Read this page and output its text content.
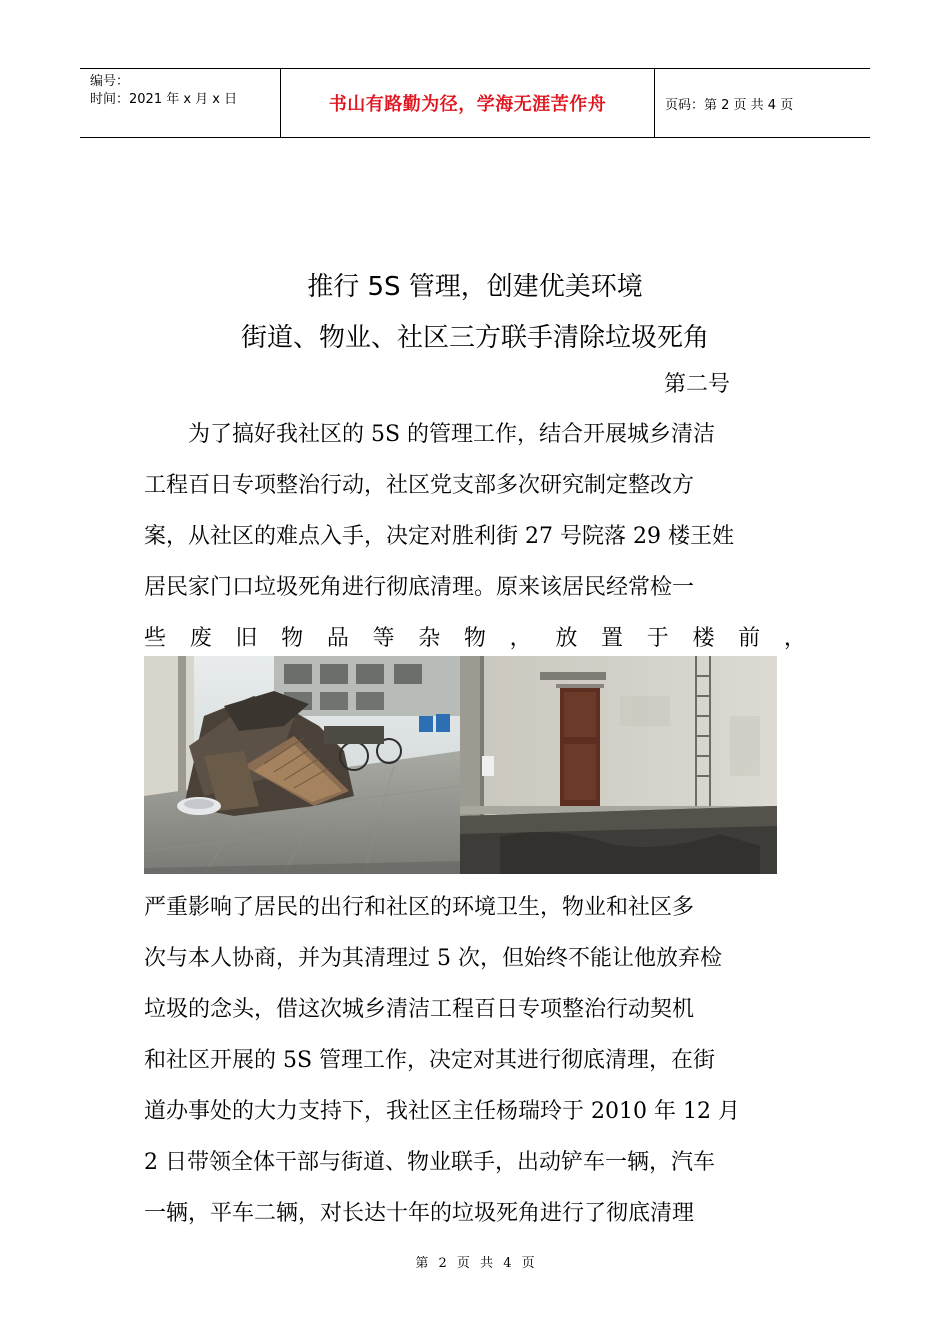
编号：
时间：2021 年 x 月 x 日	书山有路勤为径，学海无涯苦作舟	页码：第 2 页 共 4 页
推行 5S 管理，创建优美环境
街道、物业、社区三方联手清除垃圾死角
第二号
　　为了搞好我社区的 5S 的管理工作，结合开展城乡清洁
工程百日专项整治行动，社区党支部多次研究制定整改方
案，从社区的难点入手，决定对胜利街 27 号院落 29 楼王姓
居民家门口垃圾死角进行彻底清理。原来该居民经常检一
些 废 旧 物 品 等 杂 物 ， 放 置 于 楼 前 ，
严重影响了居民的出行和社区的环境卫生，物业和社区多
次与本人协商，并为其清理过 5 次，但始终不能让他放弃检
垃圾的念头，借这次城乡清洁工程百日专项整治行动契机
和社区开展的 5S 管理工作，决定对其进行彻底清理，在街
道办事处的大力支持下，我社区主任杨瑞玲于 2010 年 12 月
2 日带领全体干部与街道、物业联手，出动铲车一辆，汽车
一辆，平车二辆，对长达十年的垃圾死角进行了彻底清理
第 2 页 共 4 页
